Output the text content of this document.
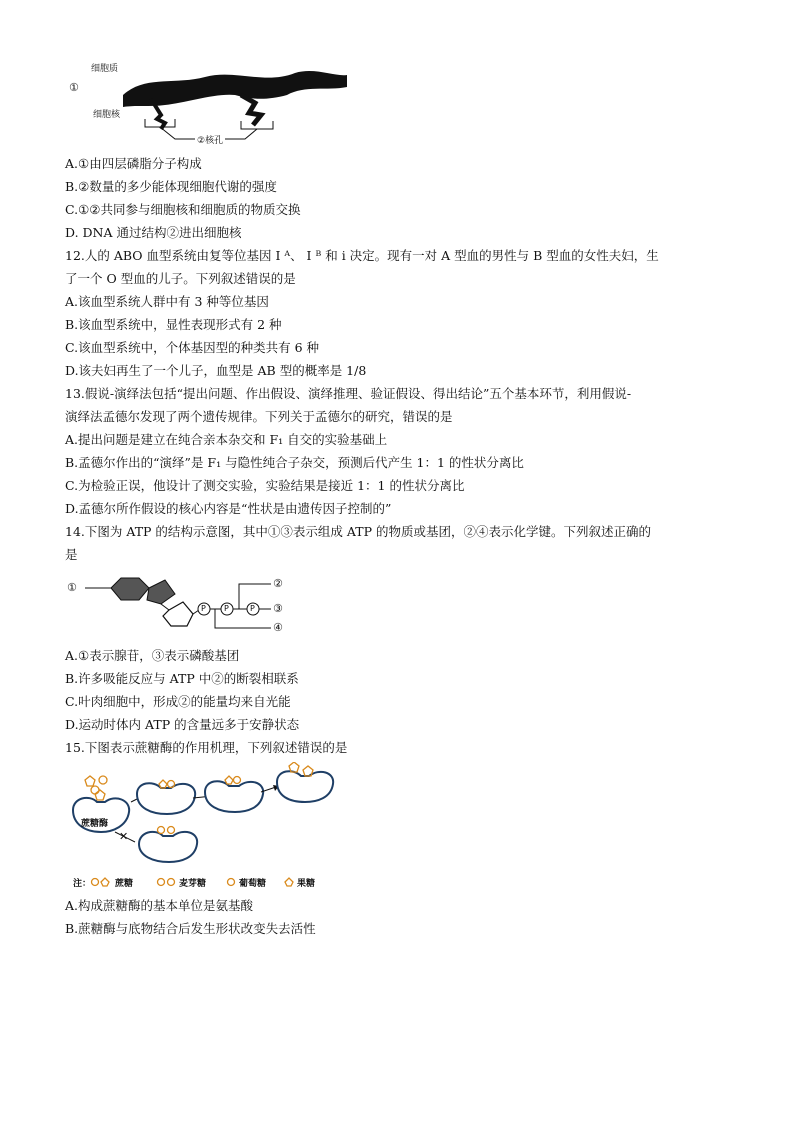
①
细胞质
细胞核
②核孔
A.①由四层磷脂分子构成
B.②数量的多少能体现细胞代谢的强度
C.①②共同参与细胞核和细胞质的物质交换
D. DNA 通过结构②进出细胞核
12.人的 ABO 血型系统由复等位基因 I ᴬ、 I ᴮ 和 i 决定。现有一对 A 型血的男性与 B 型血的女性夫妇，生
了一个 O 型血的儿子。下列叙述错误的是
A.该血型系统人群中有 3 种等位基因
B.该血型系统中，显性表现形式有 2 种
C.该血型系统中，个体基因型的种类共有 6 种
D.该夫妇再生了一个儿子，血型是 AB 型的概率是 1/8
13.假说-演绎法包括“提出问题、作出假设、演绎推理、验证假设、得出结论”五个基本环节，利用假说-
演绎法孟德尔发现了两个遗传规律。下列关于孟德尔的研究，错误的是
A.提出问题是建立在纯合亲本杂交和 F₁ 自交的实验基础上
B.孟德尔作出的“演绎”是 F₁ 与隐性纯合子杂交，预测后代产生 1：1 的性状分离比
C.为检验正误，他设计了测交实验，实验结果是接近 1：1 的性状分离比
D.孟德尔所作假设的核心内容是“性状是由遗传因子控制的”
14.下图为 ATP 的结构示意图，其中①③表示组成 ATP 的物质或基团，②④表示化学键。下列叙述正确的
是
①
P P	P
②
③
④
A.①表示腺苷，③表示磷酸基团
B.许多吸能反应与 ATP 中②的断裂相联系
C.叶肉细胞中，形成②的能量均来自光能
D.运动时体内 ATP 的含量远多于安静状态
15.下图表示蔗糖酶的作用机理，下列叙述错误的是
蔗糖酶
✕
注：	蔗糖	麦芽糖	葡萄糖	果糖
A.构成蔗糖酶的基本单位是氨基酸
B.蔗糖酶与底物结合后发生形状改变失去活性
